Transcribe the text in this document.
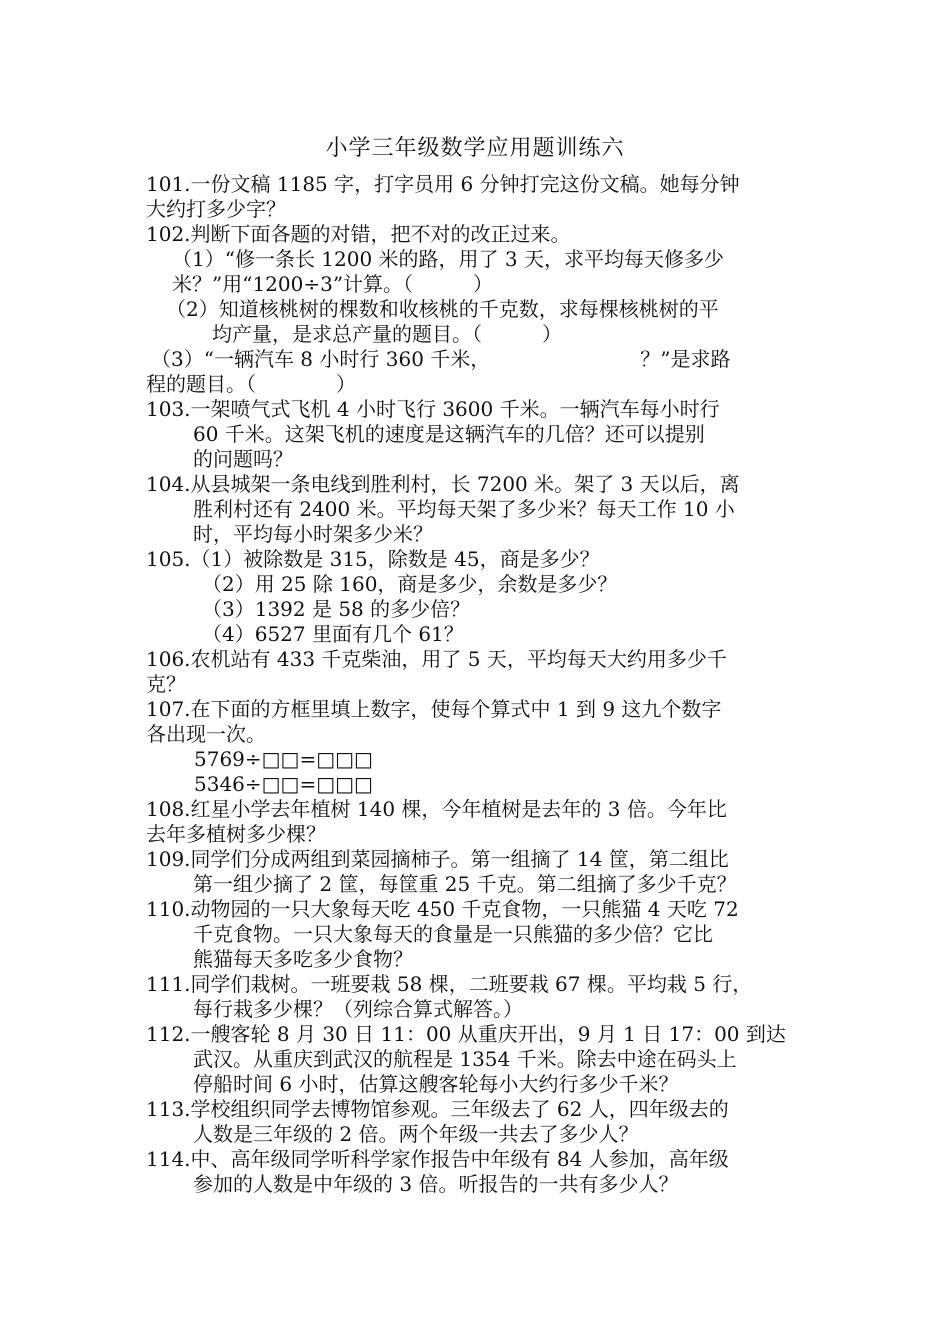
小学三年级数学应用题训练六
101.一份文稿 1185 字，打字员用 6 分钟打完这份文稿。她每分钟
大约打多少字？
102.判断下面各题的对错，把不对的改正过来。
（1）“修一条长 1200 米的路，用了 3 天，求平均每天修多少
米？”用“1200÷3”计算。（　　　）
（2）知道核桃树的棵数和收核桃的千克数，求每棵核桃树的平
均产量，是求总产量的题目。（　　　）
（3）“一辆汽车 8 小时行 360 千米，　　　　　　　　？”是求路
程的题目。（　　　　）
103.一架喷气式飞机 4 小时飞行 3600 千米。一辆汽车每小时行
60 千米。这架飞机的速度是这辆汽车的几倍？还可以提别
的问题吗？
104.从县城架一条电线到胜利村，长 7200 米。架了 3 天以后，离
胜利村还有 2400 米。平均每天架了多少米？每天工作 10 小
时，平均每小时架多少米？
105.（1）被除数是 315，除数是 45，商是多少？
（2）用 25 除 160，商是多少，余数是多少？
（3）1392 是 58 的多少倍？
（4）6527 里面有几个 61？
106.农机站有 433 千克柴油，用了 5 天，平均每天大约用多少千
克？
107.在下面的方框里填上数字，使每个算式中 1 到 9 这九个数字
各出现一次。
5769÷□□=□□□
5346÷□□=□□□
108.红星小学去年植树 140 棵，今年植树是去年的 3 倍。今年比
去年多植树多少棵？
109.同学们分成两组到菜园摘柿子。第一组摘了 14 筐，第二组比
第一组少摘了 2 筐，每筐重 25 千克。第二组摘了多少千克？
110.动物园的一只大象每天吃 450 千克食物，一只熊猫 4 天吃 72
千克食物。一只大象每天的食量是一只熊猫的多少倍？它比
熊猫每天多吃多少食物？
111.同学们栽树。一班要栽 58 棵，二班要栽 67 棵。平均栽 5 行，
每行栽多少棵？（列综合算式解答。）
112.一艘客轮 8 月 30 日 11：00 从重庆开出，9 月 1 日 17：00 到达
武汉。从重庆到武汉的航程是 1354 千米。除去中途在码头上
停船时间 6 小时，估算这艘客轮每小大约行多少千米？
113.学校组织同学去博物馆参观。三年级去了 62 人，四年级去的
人数是三年级的 2 倍。两个年级一共去了多少人？
114.中、高年级同学听科学家作报告中年级有 84 人参加，高年级
参加的人数是中年级的 3 倍。听报告的一共有多少人？
